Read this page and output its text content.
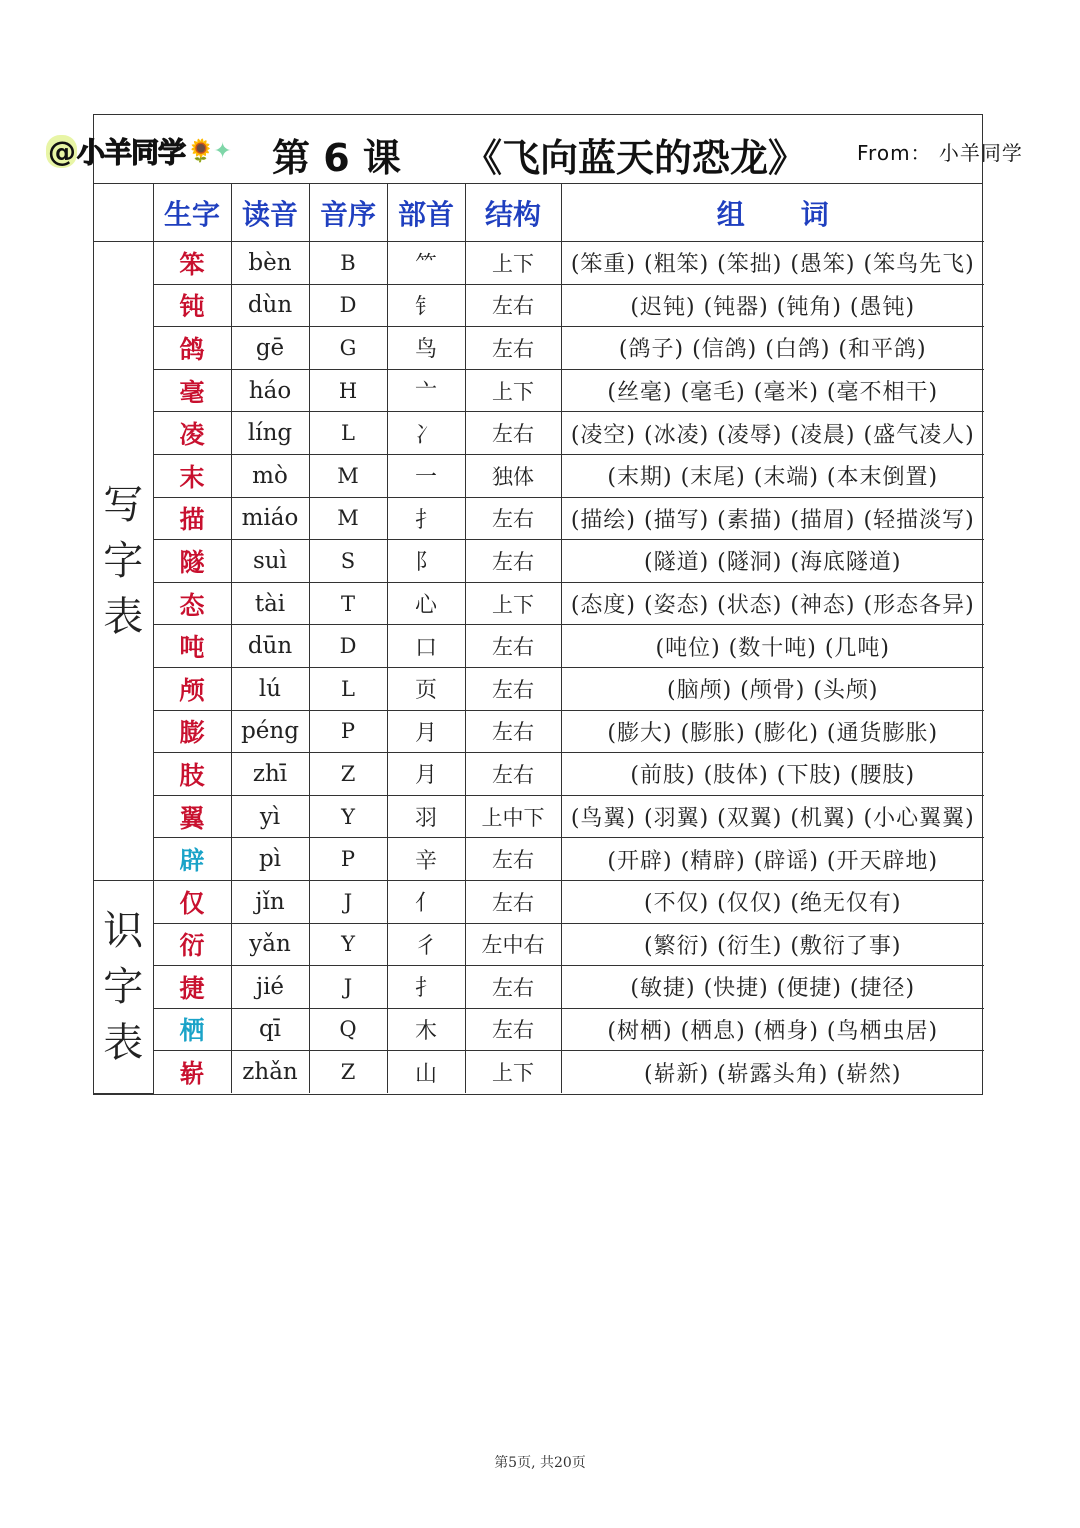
@ 小羊同学 🌻 ✦ 第 6 课 《飞向蓝天的恐龙》	From： 小羊同学
	生字	读音	音序	部首	结构	组　　词

写
字
表	笨	bèn	B	⺮	上下	(笨重) (粗笨) (笨拙) (愚笨) (笨鸟先飞)
	钝	dùn	D	钅	左右	(迟钝) (钝器) (钝角) (愚钝)
	鸽	gē	G	鸟	左右	(鸽子) (信鸽) (白鸽) (和平鸽)
	毫	háo	H	亠	上下	(丝毫) (毫毛) (毫米) (毫不相干)
	凌	líng	L	冫	左右	(凌空) (冰凌) (凌辱) (凌晨) (盛气凌人)
	末	mò	M	一	独体	(末期) (末尾) (末端) (本末倒置)
	描	miáo	M	扌	左右	(描绘) (描写) (素描) (描眉) (轻描淡写)
	隧	suì	S	阝	左右	(隧道) (隧洞) (海底隧道)
	态	tài	T	心	上下	(态度) (姿态) (状态) (神态) (形态各异)
	吨	dūn	D	口	左右	(吨位) (数十吨) (几吨)
	颅	lú	L	页	左右	(脑颅) (颅骨) (头颅)
	膨	péng	P	月	左右	(膨大) (膨胀) (膨化) (通货膨胀)
	肢	zhī	Z	月	左右	(前肢) (肢体) (下肢) (腰肢)
	翼	yì	Y	羽	上中下	(鸟翼) (羽翼) (双翼) (机翼) (小心翼翼)
	辟	pì	P	辛	左右	(开辟) (精辟) (辟谣) (开天辟地)

识
字
表	仅	jǐn	J	亻	左右	(不仅) (仅仅) (绝无仅有)
	衍	yǎn	Y	彳	左中右	(繁衍) (衍生) (敷衍了事)
	捷	jié	J	扌	左右	(敏捷) (快捷) (便捷) (捷径)
	栖	qī	Q	木	左右	(树栖) (栖息) (栖身) (鸟栖虫居)
	崭	zhǎn	Z	山	上下	(崭新) (崭露头角) (崭然)
第5页, 共20页
